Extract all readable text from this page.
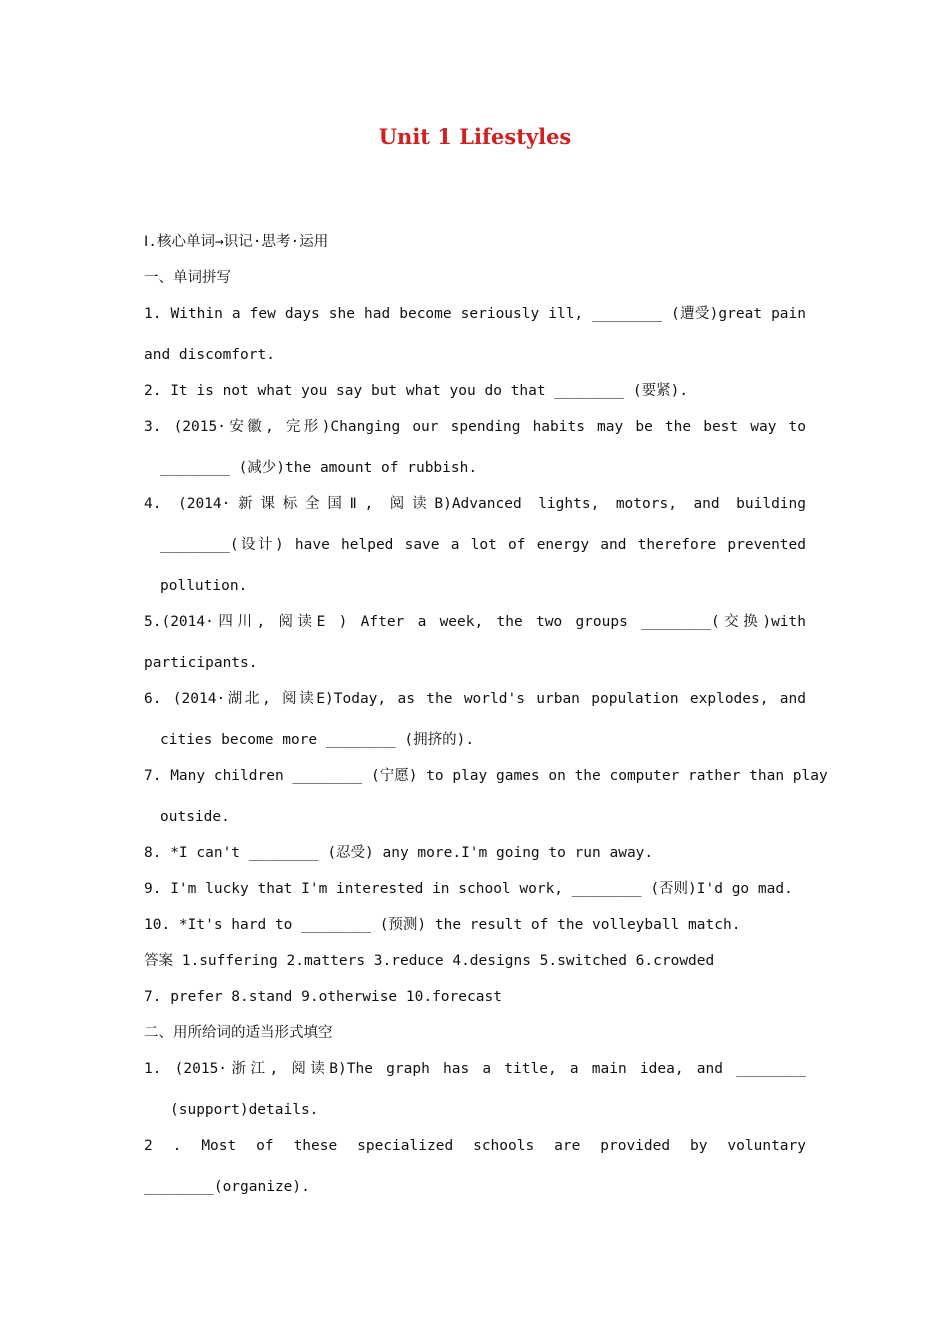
Unit 1 Lifestyles
Ⅰ.核心单词→识记·思考·运用
一、单词拼写
1. Within a few days she had become seriously ill, ________ (遭受)great pain
and discomfort.
2. It is not what you say but what you do that ________ (要紧).
3. (2015·安徽, 完形)Changing our spending habits may be the best way to
________ (减少)the amount of rubbish.
4. (2014·新课标全国Ⅱ, 阅读B)Advanced lights, motors, and building
________(设计) have helped save a lot of energy and therefore prevented
pollution.
5.(2014·四川, 阅读E ) After a week, the two groups ________(交换)with
participants.
6. (2014·湖北, 阅读E)Today, as the world's urban population explodes, and
cities become more ________ (拥挤的).
7. Many children ________ (宁愿) to play games on the computer rather than play
outside.
8. *I can't ________ (忍受) any more.I'm going to run away.
9. I'm lucky that I'm interested in school work, ________ (否则)I'd go mad.
10. *It's hard to ________ (预测) the result of the volleyball match.
答案 1.suffering 2.matters 3.reduce 4.designs 5.switched 6.crowded
7. prefer 8.stand 9.otherwise 10.forecast
二、用所给词的适当形式填空
1. (2015·浙江, 阅读B)The graph has a title, a main idea, and ________
(support)details.
2 . Most of these specialized schools are provided by voluntary
________(organize).
